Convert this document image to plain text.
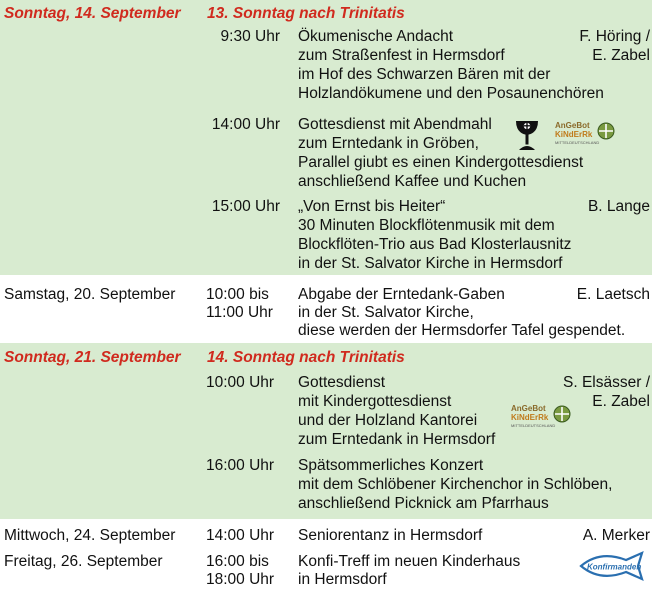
Sonntag, 14. September 13. Sonntag nach Trinitatis
9:30 Uhr Ökumenische Andacht
zum Straßenfest in Hermsdorf
im Hof des Schwarzen Bären mit der
Holzlandökumene und den Posaunenchören
F. Höring /
E. Zabel
14:00 Uhr Gottesdienst mit Abendmahl
zum Erntedank in Gröben,
Parallel giubt es einen Kindergottesdienst
anschließend Kaffee und Kuchen
AnGeBot
KiNdErRk
MITTELDEUTSCHLAND
15:00 Uhr „Von Ernst bis Heiter“
30 Minuten Blockflötenmusik mit dem
Blockflöten-Trio aus Bad Klosterlausnitz
in der St. Salvator Kirche in Hermsdorf
B. Lange
Samstag, 20. September 10:00 bis
11:00 Uhr
Abgabe der Erntedank-Gaben
in der St. Salvator Kirche,
diese werden der Hermsdorfer Tafel gespendet.
E. Laetsch
Sonntag, 21. September 14. Sonntag nach Trinitatis
10:00 Uhr Gottesdienst
mit Kindergottesdienst
und der Holzland Kantorei
zum Erntedank in Hermsdorf
S. Elsässer /
E. Zabel
AnGeBot
KiNdErRk
MITTELDEUTSCHLAND
16:00 Uhr Spätsommerliches Konzert
mit dem Schlöbener Kirchenchor in Schlöben,
anschließend Picknick am Pfarrhaus
Mittwoch, 24. September 14:00 Uhr Seniorentanz in Hermsdorf	A. Merker
Freitag, 26. September	16:00 bis
18:00 Uhr
Konfi-Treff im neuen Kinderhaus
in Hermsdorf
Konfirmanden
